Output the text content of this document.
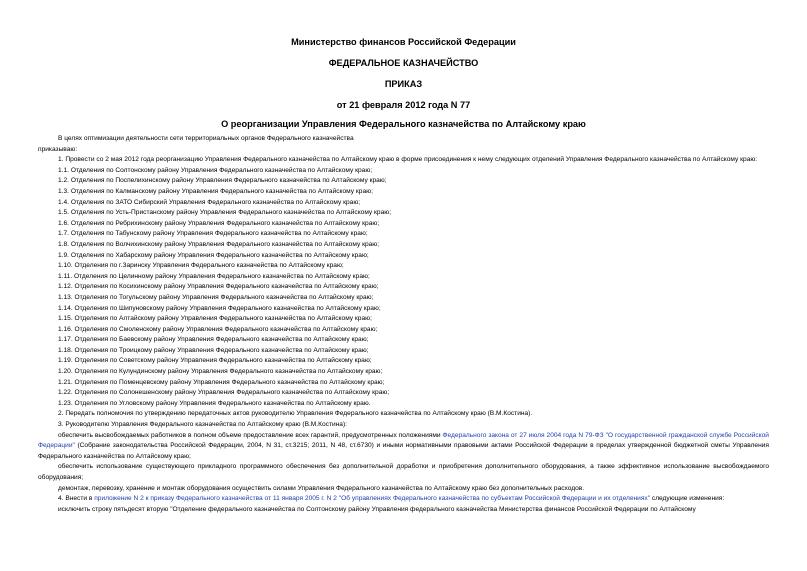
Министерство финансов Российской Федерации
ФЕДЕРАЛЬНОЕ КАЗНАЧЕЙСТВО
ПРИКАЗ
от 21 февраля 2012 года N 77
О реорганизации Управления Федерального казначейства по Алтайскому краю

В целях оптимизации деятельности сети территориальных органов Федерального казначейства

приказываю:

1. Провести со 2 мая 2012 года реорганизацию Управления Федерального казначейства по Алтайскому краю в форме присоединения к нему следующих отделений Управления Федерального казначейства по Алтайскому краю:

1.1. Отделения по Солтонскому району Управления Федерального казначейства по Алтайскому краю;

1.2. Отделения по Поспелихинскому району Управления Федерального казначейства по Алтайскому краю;

1.3. Отделения по Калманскому району Управления Федерального казначейства по Алтайскому краю;

1.4. Отделения по ЗАТО Сибирский Управления Федерального казначейства по Алтайскому краю;

1.5. Отделения по Усть-Пристанскому району Управления Федерального казначейства по Алтайскому краю;

1.6. Отделения по Ребрихинскому району Управления Федерального казначейства по Алтайскому краю;

1.7. Отделения по Табунскому району Управления Федерального казначейства по Алтайскому краю;

1.8. Отделения по Волчихинскому району Управления Федерального казначейства по Алтайскому краю;

1.9. Отделения по Хабарскому району Управления Федерального казначейства по Алтайскому краю;

1.10. Отделения по г.Заринску Управления Федерального казначейства по Алтайскому краю;

1.11. Отделения по Целинному району Управления Федерального казначейства по Алтайскому краю;

1.12. Отделения по Косихинскому району Управления Федерального казначейства по Алтайскому краю;

1.13. Отделения по Тогульскому району Управления Федерального казначейства по Алтайскому краю;

1.14. Отделения по Шипуновскому району Управления Федерального казначейства по Алтайскому краю;

1.15. Отделения по Алтайскому району Управления Федерального казначейства по Алтайскому краю;

1.16. Отделения по Смоленскому району Управления Федерального казначейства по Алтайскому краю;

1.17. Отделения по Баевскому району Управления Федерального казначейства по Алтайскому краю;

1.18. Отделения по Троицкому району Управления Федерального казначейства по Алтайскому краю;

1.19. Отделения по Советскому району Управления Федерального казначейства по Алтайскому краю;

1.20. Отделения по Кулундинскому району Управления Федерального казначейства по Алтайскому краю;

1.21. Отделения по Поменцевскому району Управления Федерального казначейства по Алтайскому краю;

1.22. Отделения по Солонешенскому району Управления Федерального казначейства по Алтайскому краю;

1.23. Отделения по Угловскому району Управления Федерального казначейства по Алтайскому краю.

2. Передать полномочия по утверждению передаточных актов руководителю Управления Федерального казначейства по Алтайскому краю (В.М.Костина).

3. Руководителю Управления Федерального казначейства по Алтайскому краю (В.М.Костина):

обеспечить высвобождаемых работников в полном объеме предоставление всех гарантий, предусмотренных положениями Федерального закона от 27 июля 2004 года N 79-ФЗ "О государственной гражданской службе Российской Федерации" (Собрание законодательства Российской Федерации, 2004, N 31, ст.3215; 2011, N 48, ст.6730) и иными нормативными правовыми актами Российской Федерации в пределах утвержденной бюджетной сметы Управления Федерального казначейства по Алтайскому краю;

обеспечить использование существующего прикладного программного обеспечения без дополнительной доработки и приобретения дополнительного оборудования, а также эффективное использование высвобождаемого оборудования;

демонтаж, перевозку, хранение и монтаж оборудования осуществить силами Управления Федерального казначейства по Алтайскому краю без дополнительных расходов.

4. Внести в приложение N 2 к приказу Федерального казначейства от 11 января 2005 г. N 2 "Об управлениях Федерального казначейства по субъектам Российской Федерации и их отделениях" следующие изменения:

исключить строку пятьдесят вторую "Отделение федерального казначейства по Солтонскому району Управления федерального казначейства Министерства финансов Российской Федерации по Алтайскому
